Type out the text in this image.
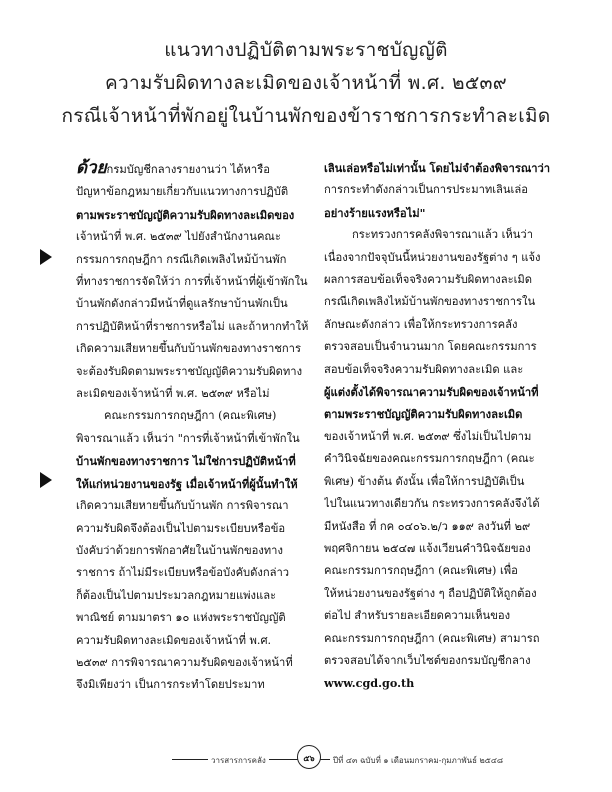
แนวทางปฏิบัติตามพระราชบัญญัติ
ความรับผิดทางละเมิดของเจ้าหน้าที่ พ.ศ. ๒๕๓๙
กรณีเจ้าหน้าที่พักอยู่ในบ้านพักของข้าราชการกระทำละเมิด

ด้วยกรมบัญชีกลางรายงานว่า ได้หารือ

ปัญหาข้อกฎหมายเกี่ยวกับแนวทางการปฏิบัติ

ตามพระราชบัญญัติความรับผิดทางละเมิดของ

เจ้าหน้าที่ พ.ศ. ๒๕๓๙ ไปยังสำนักงานคณะ

กรรมการกฤษฎีกา กรณีเกิดเพลิงไหม้บ้านพัก

ที่ทางราชการจัดให้ว่า การที่เจ้าหน้าที่ผู้เข้าพักใน

บ้านพักดังกล่าวมีหน้าที่ดูแลรักษาบ้านพักเป็น

การปฏิบัติหน้าที่ราชการหรือไม่ และถ้าหากทำให้

เกิดความเสียหายขึ้นกับบ้านพักของทางราชการ

จะต้องรับผิดตามพระราชบัญญัติความรับผิดทาง

ละเมิดของเจ้าหน้าที่ พ.ศ. ๒๕๓๙ หรือไม่

คณะกรรมการกฤษฎีกา (คณะพิเศษ)

พิจารณาแล้ว เห็นว่า "การที่เจ้าหน้าที่เข้าพักใน

บ้านพักของทางราชการ ไม่ใช่การปฏิบัติหน้าที่

ให้แก่หน่วยงานของรัฐ เมื่อเจ้าหน้าที่ผู้นั้นทำให้

เกิดความเสียหายขึ้นกับบ้านพัก การพิจารณา

ความรับผิดจึงต้องเป็นไปตามระเบียบหรือข้อ

บังคับว่าด้วยการพักอาศัยในบ้านพักของทาง

ราชการ ถ้าไม่มีระเบียบหรือข้อบังคับดังกล่าว

ก็ต้องเป็นไปตามประมวลกฎหมายแพ่งและ

พาณิชย์ ตามมาตรา ๑๐ แห่งพระราชบัญญัติ

ความรับผิดทางละเมิดของเจ้าหน้าที่ พ.ศ.

๒๕๓๙ การพิจารณาความรับผิดของเจ้าหน้าที่

จึงมิเพียงว่า เป็นการกระทำโดยประมาท

เลินเล่อหรือไม่เท่านั้น โดยไม่จำต้องพิจารณาว่า

การกระทำดังกล่าวเป็นการประมาทเลินเล่อ

อย่างร้ายแรงหรือไม่"

กระทรวงการคลังพิจารณาแล้ว เห็นว่า

เนื่องจากปัจจุบันนี้หน่วยงานของรัฐต่าง ๆ แจ้ง

ผลการสอบข้อเท็จจริงความรับผิดทางละเมิด

กรณีเกิดเพลิงไหม้บ้านพักของทางราชการใน

ลักษณะดังกล่าว เพื่อให้กระทรวงการคลัง

ตรวจสอบเป็นจำนวนมาก โดยคณะกรรมการ

สอบข้อเท็จจริงความรับผิดทางละเมิด และ

ผู้แต่งตั้งได้พิจารณาความรับผิดของเจ้าหน้าที่

ตามพระราชบัญญัติความรับผิดทางละเมิด

ของเจ้าหน้าที่ พ.ศ. ๒๕๓๙ ซึ่งไม่เป็นไปตาม

คำวินิจฉัยของคณะกรรมการกฤษฎีกา (คณะ

พิเศษ) ข้างต้น ดังนั้น เพื่อให้การปฏิบัติเป็น

ไปในแนวทางเดียวกัน กระทรวงการคลังจึงได้

มีหนังสือ ที่ กค ๐๔๐๖.๒/ว ๑๑๙ ลงวันที่ ๒๙

พฤศจิกายน ๒๕๔๗ แจ้งเวียนคำวินิจฉัยของ

คณะกรรมการกฤษฎีกา (คณะพิเศษ) เพื่อ

ให้หน่วยงานของรัฐต่าง ๆ ถือปฏิบัติให้ถูกต้อง

ต่อไป สำหรับรายละเอียดความเห็นของ

คณะกรรมการกฤษฎีกา (คณะพิเศษ) สามารถ

ตรวจสอบได้จากเว็บไซต์ของกรมบัญชีกลาง

www.cgd.go.th

วารสารการคลัง	๕๖	ปีที่ ๔๓ ฉบับที่ ๑ เดือนมกราคม-กุมภาพันธ์ ๒๕๔๘
